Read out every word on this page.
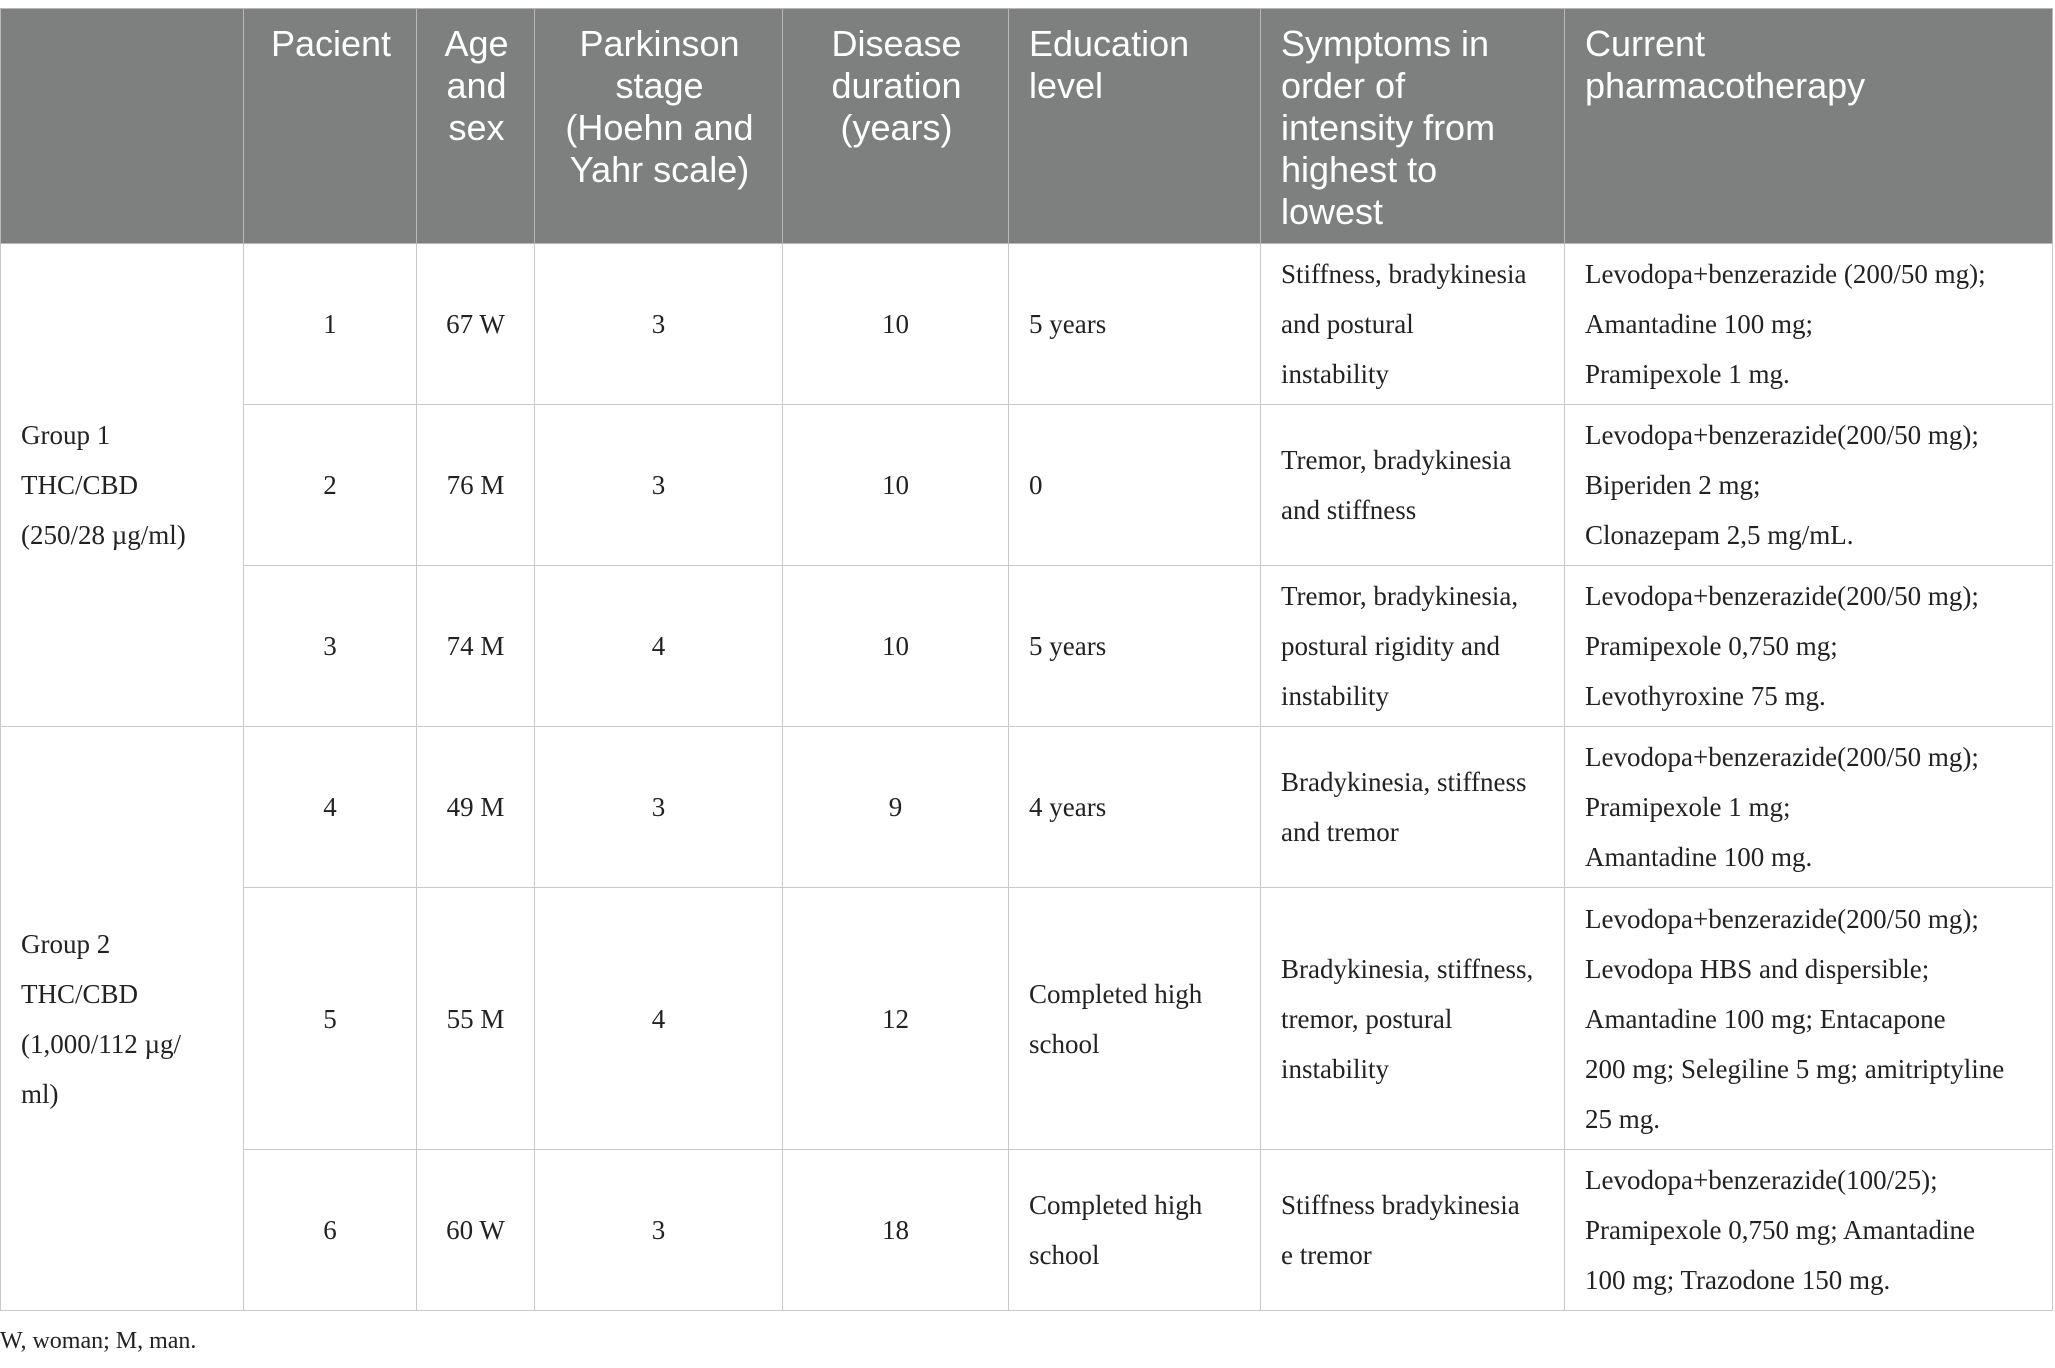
	Pacient	Age
and
sex	Parkinson
stage
(Hoehn and
Yahr scale)	Disease
duration
(years)	Education
level	Symptoms in
order of
intensity from
highest to
lowest	Current
pharmacotherapy

Group 1
THC/CBD
(250/28 µg/ml)	1	67 W	3	10	5 years	Stiffness, bradykinesia
and postural
instability	Levodopa+benzerazide (200/50 mg);
Amantadine 100 mg;
Pramipexole 1 mg.

	2	76 M	3	10	0	Tremor, bradykinesia
and stiffness	Levodopa+benzerazide(200/50 mg);
Biperiden 2 mg;
Clonazepam 2,5 mg/mL.

	3	74 M	4	10	5 years	Tremor, bradykinesia,
postural rigidity and
instability	Levodopa+benzerazide(200/50 mg);
Pramipexole 0,750 mg;
Levothyroxine 75 mg.

Group 2
THC/CBD
(1,000/112 µg/
ml)	4	49 M	3	9	4 years	Bradykinesia, stiffness
and tremor	Levodopa+benzerazide(200/50 mg);
Pramipexole 1 mg;
Amantadine 100 mg.

	5	55 M	4	12	Completed high
school	Bradykinesia, stiffness,
tremor, postural
instability	Levodopa+benzerazide(200/50 mg);
Levodopa HBS and dispersible;
Amantadine 100 mg; Entacapone
200 mg; Selegiline 5 mg; amitriptyline
25 mg.

	6	60 W	3	18	Completed high
school	Stiffness bradykinesia
e tremor	Levodopa+benzerazide(100/25);
Pramipexole 0,750 mg; Amantadine
100 mg; Trazodone 150 mg.
W, woman; M, man.
